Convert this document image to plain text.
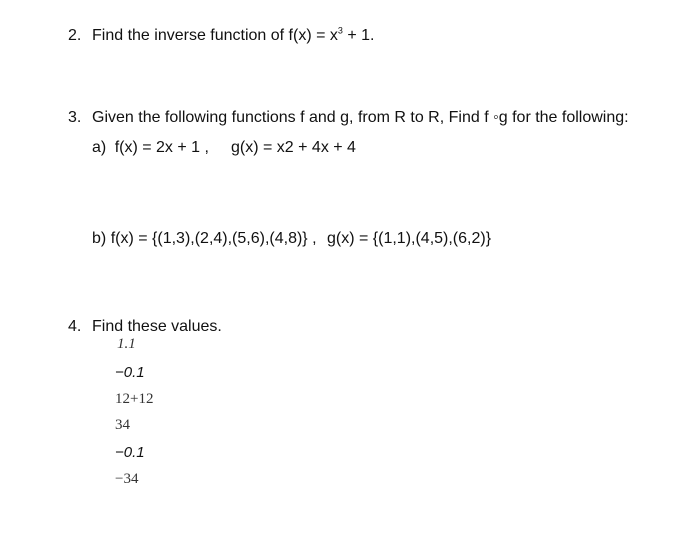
2. Find the inverse function of $f(x) = x^3 + 1$.
3. Given the following functions f and g, from R to R, Find f ◦g for the following:
a) f(x) = 2x + 1 , g(x) = x2 + 4x + 4
b) f(x) = {(1,3),(2,4),(5,6),(4,8)} , g(x) = {(1,1),(4,5),(6,2)}
4. Find these values.
1.1
−0.1
12+12
34
−0.1
−34
